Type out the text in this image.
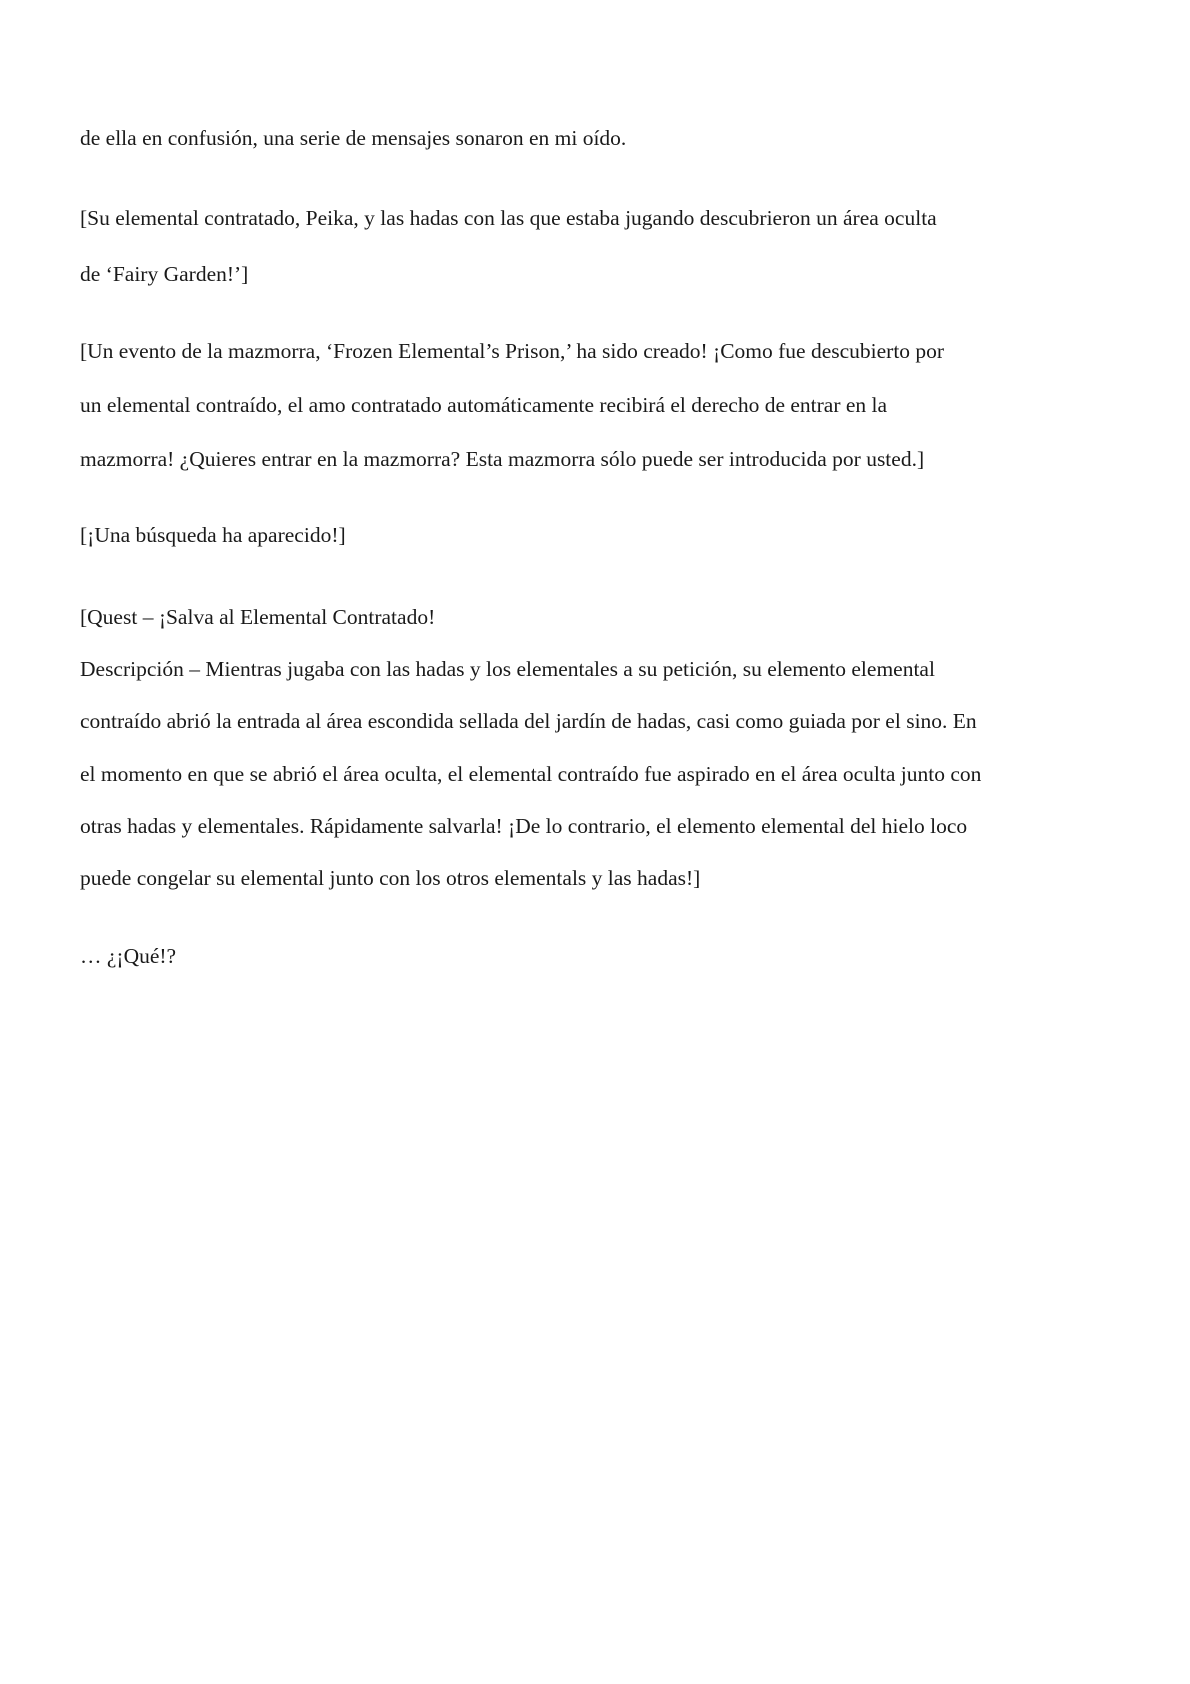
de ella en confusión, una serie de mensajes sonaron en mi oído.
[Su elemental contratado, Peika, y las hadas con las que estaba jugando descubrieron un área oculta
de ‘Fairy Garden!’]
[Un evento de la mazmorra, ‘Frozen Elemental’s Prison,’ ha sido creado! ¡Como fue descubierto por
un elemental contraído, el amo contratado automáticamente recibirá el derecho de entrar en la
mazmorra! ¿Quieres entrar en la mazmorra? Esta mazmorra sólo puede ser introducida por usted.]
[¡Una búsqueda ha aparecido!]
[Quest – ¡Salva al Elemental Contratado!
Descripción – Mientras jugaba con las hadas y los elementales a su petición, su elemento elemental
contraído abrió la entrada al área escondida sellada del jardín de hadas, casi como guiada por el sino. En
el momento en que se abrió el área oculta, el elemental contraído fue aspirado en el área oculta junto con
otras hadas y elementales. Rápidamente salvarla! ¡De lo contrario, el elemento elemental del hielo loco
puede congelar su elemental junto con los otros elementals y las hadas!]
… ¿¡Qué!?
